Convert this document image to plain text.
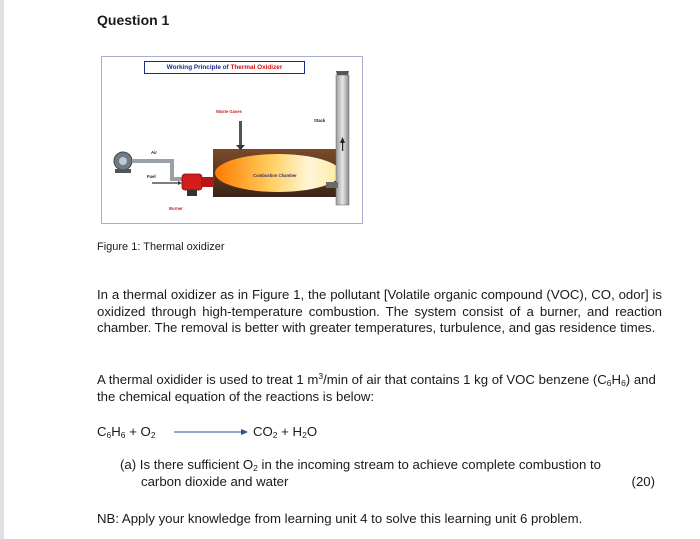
Question 1
Working Principle of Thermal Oxidizer
Waste Gases
Stack
Air
Fuel
Burner
Combustion Chamber
Figure 1: Thermal oxidizer
In a thermal oxidizer as in Figure 1, the pollutant [Volatile organic compound (VOC), CO, odor] is oxidized through high-temperature combustion. The system consist of a burner, and reaction chamber. The removal is better with greater temperatures, turbulence, and gas residence times.
A thermal oxidider is used to treat 1 $m^3/\min$ of air that contains 1 kg of VOC benzene $(C_6H_6)$ and the chemical equation of the reactions is below:
$C_6H_6 + O_2$	$CO_2 + H_2O$
(a) Is there sufficient $O_2$ in the incoming stream to achieve complete combustion to
carbon dioxide and water	(20)
NB: Apply your knowledge from learning unit 4 to solve this learning unit 6 problem.
